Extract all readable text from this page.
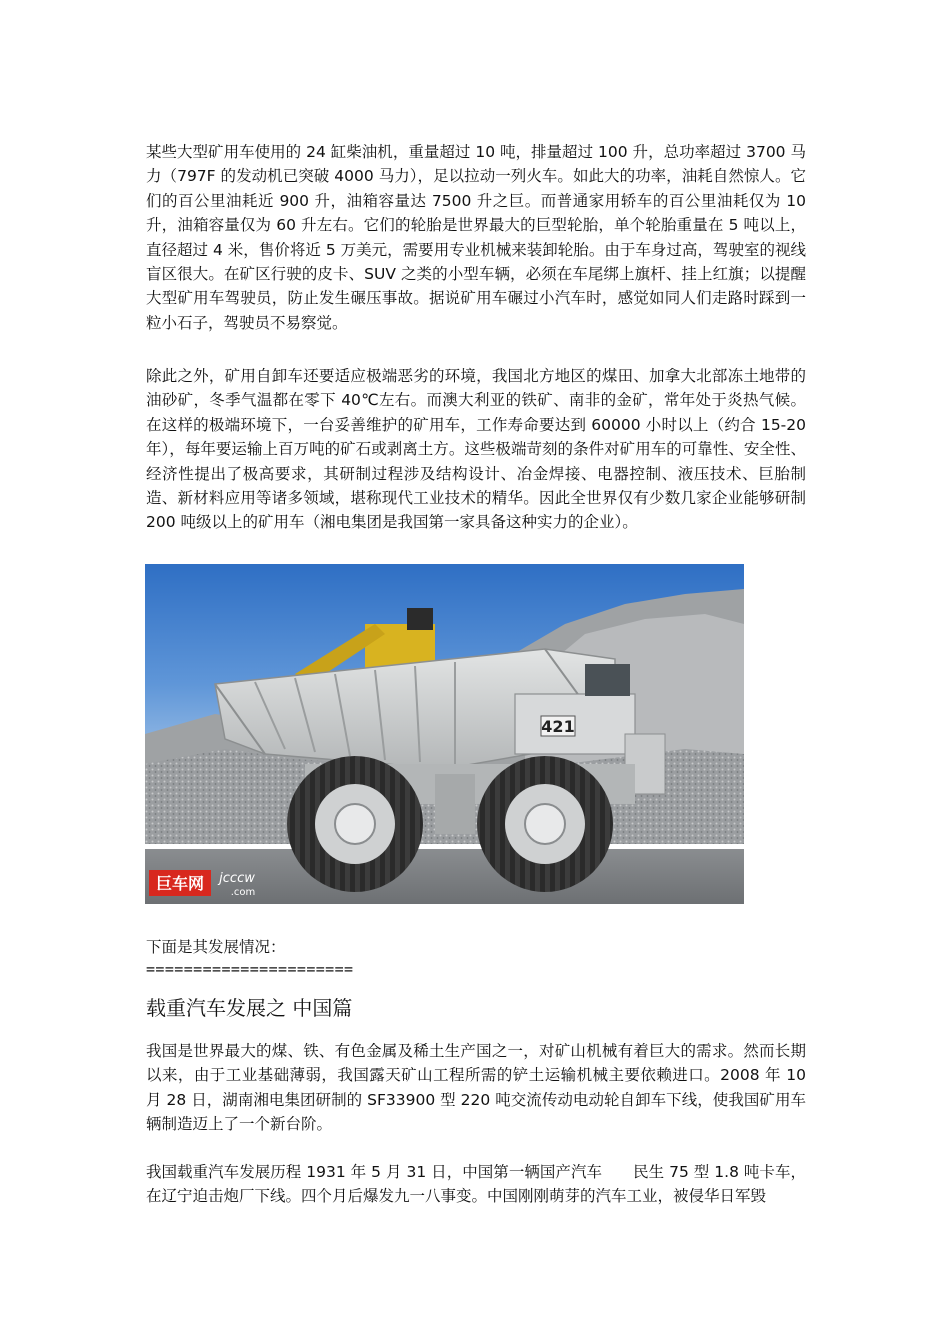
某些大型矿用车使用的 24 缸柴油机，重量超过 10 吨，排量超过 100 升，总功率超过 3700 马力（797F 的发动机已突破 4000 马力），足以拉动一列火车。如此大的功率，油耗自然惊人。它们的百公里油耗近 900 升，油箱容量达 7500 升之巨。而普通家用轿车的百公里油耗仅为 10 升，油箱容量仅为 60 升左右。它们的轮胎是世界最大的巨型轮胎，单个轮胎重量在 5 吨以上，直径超过 4 米，售价将近 5 万美元，需要用专业机械来装卸轮胎。由于车身过高，驾驶室的视线盲区很大。在矿区行驶的皮卡、SUV 之类的小型车辆，必须在车尾绑上旗杆、挂上红旗；以提醒大型矿用车驾驶员，防止发生碾压事故。据说矿用车碾过小汽车时，感觉如同人们走路时踩到一粒小石子，驾驶员不易察觉。

除此之外，矿用自卸车还要适应极端恶劣的环境，我国北方地区的煤田、加拿大北部冻土地带的油砂矿，冬季气温都在零下 40℃左右。而澳大利亚的铁矿、南非的金矿，常年处于炎热气候。在这样的极端环境下，一台妥善维护的矿用车，工作寿命要达到 60000 小时以上（约合 15-20 年），每年要运输上百万吨的矿石或剥离土方。这些极端苛刻的条件对矿用车的可靠性、安全性、经济性提出了极高要求，其研制过程涉及结构设计、冶金焊接、电器控制、液压技术、巨胎制造、新材料应用等诸多领域，堪称现代工业技术的精华。因此全世界仅有少数几家企业能够研制 200 吨级以上的矿用车（湘电集团是我国第一家具备这种实力的企业）。

421
巨车网 jcccw
.com

下面是其发展情况：

======================

载重汽车发展之 中国篇

我国是世界最大的煤、铁、有色金属及稀土生产国之一，对矿山机械有着巨大的需求。然而长期以来，由于工业基础薄弱，我国露天矿山工程所需的铲土运输机械主要依赖进口。2008 年 10 月 28 日，湖南湘电集团研制的 SF33900 型 220 吨交流传动电动轮自卸车下线，使我国矿用车辆制造迈上了一个新台阶。

我国载重汽车发展历程 1931 年 5 月 31 日，中国第一辆国产汽车　　民生 75 型 1.8 吨卡车，在辽宁迫击炮厂下线。四个月后爆发九一八事变。中国刚刚萌芽的汽车工业，被侵华日军毁
